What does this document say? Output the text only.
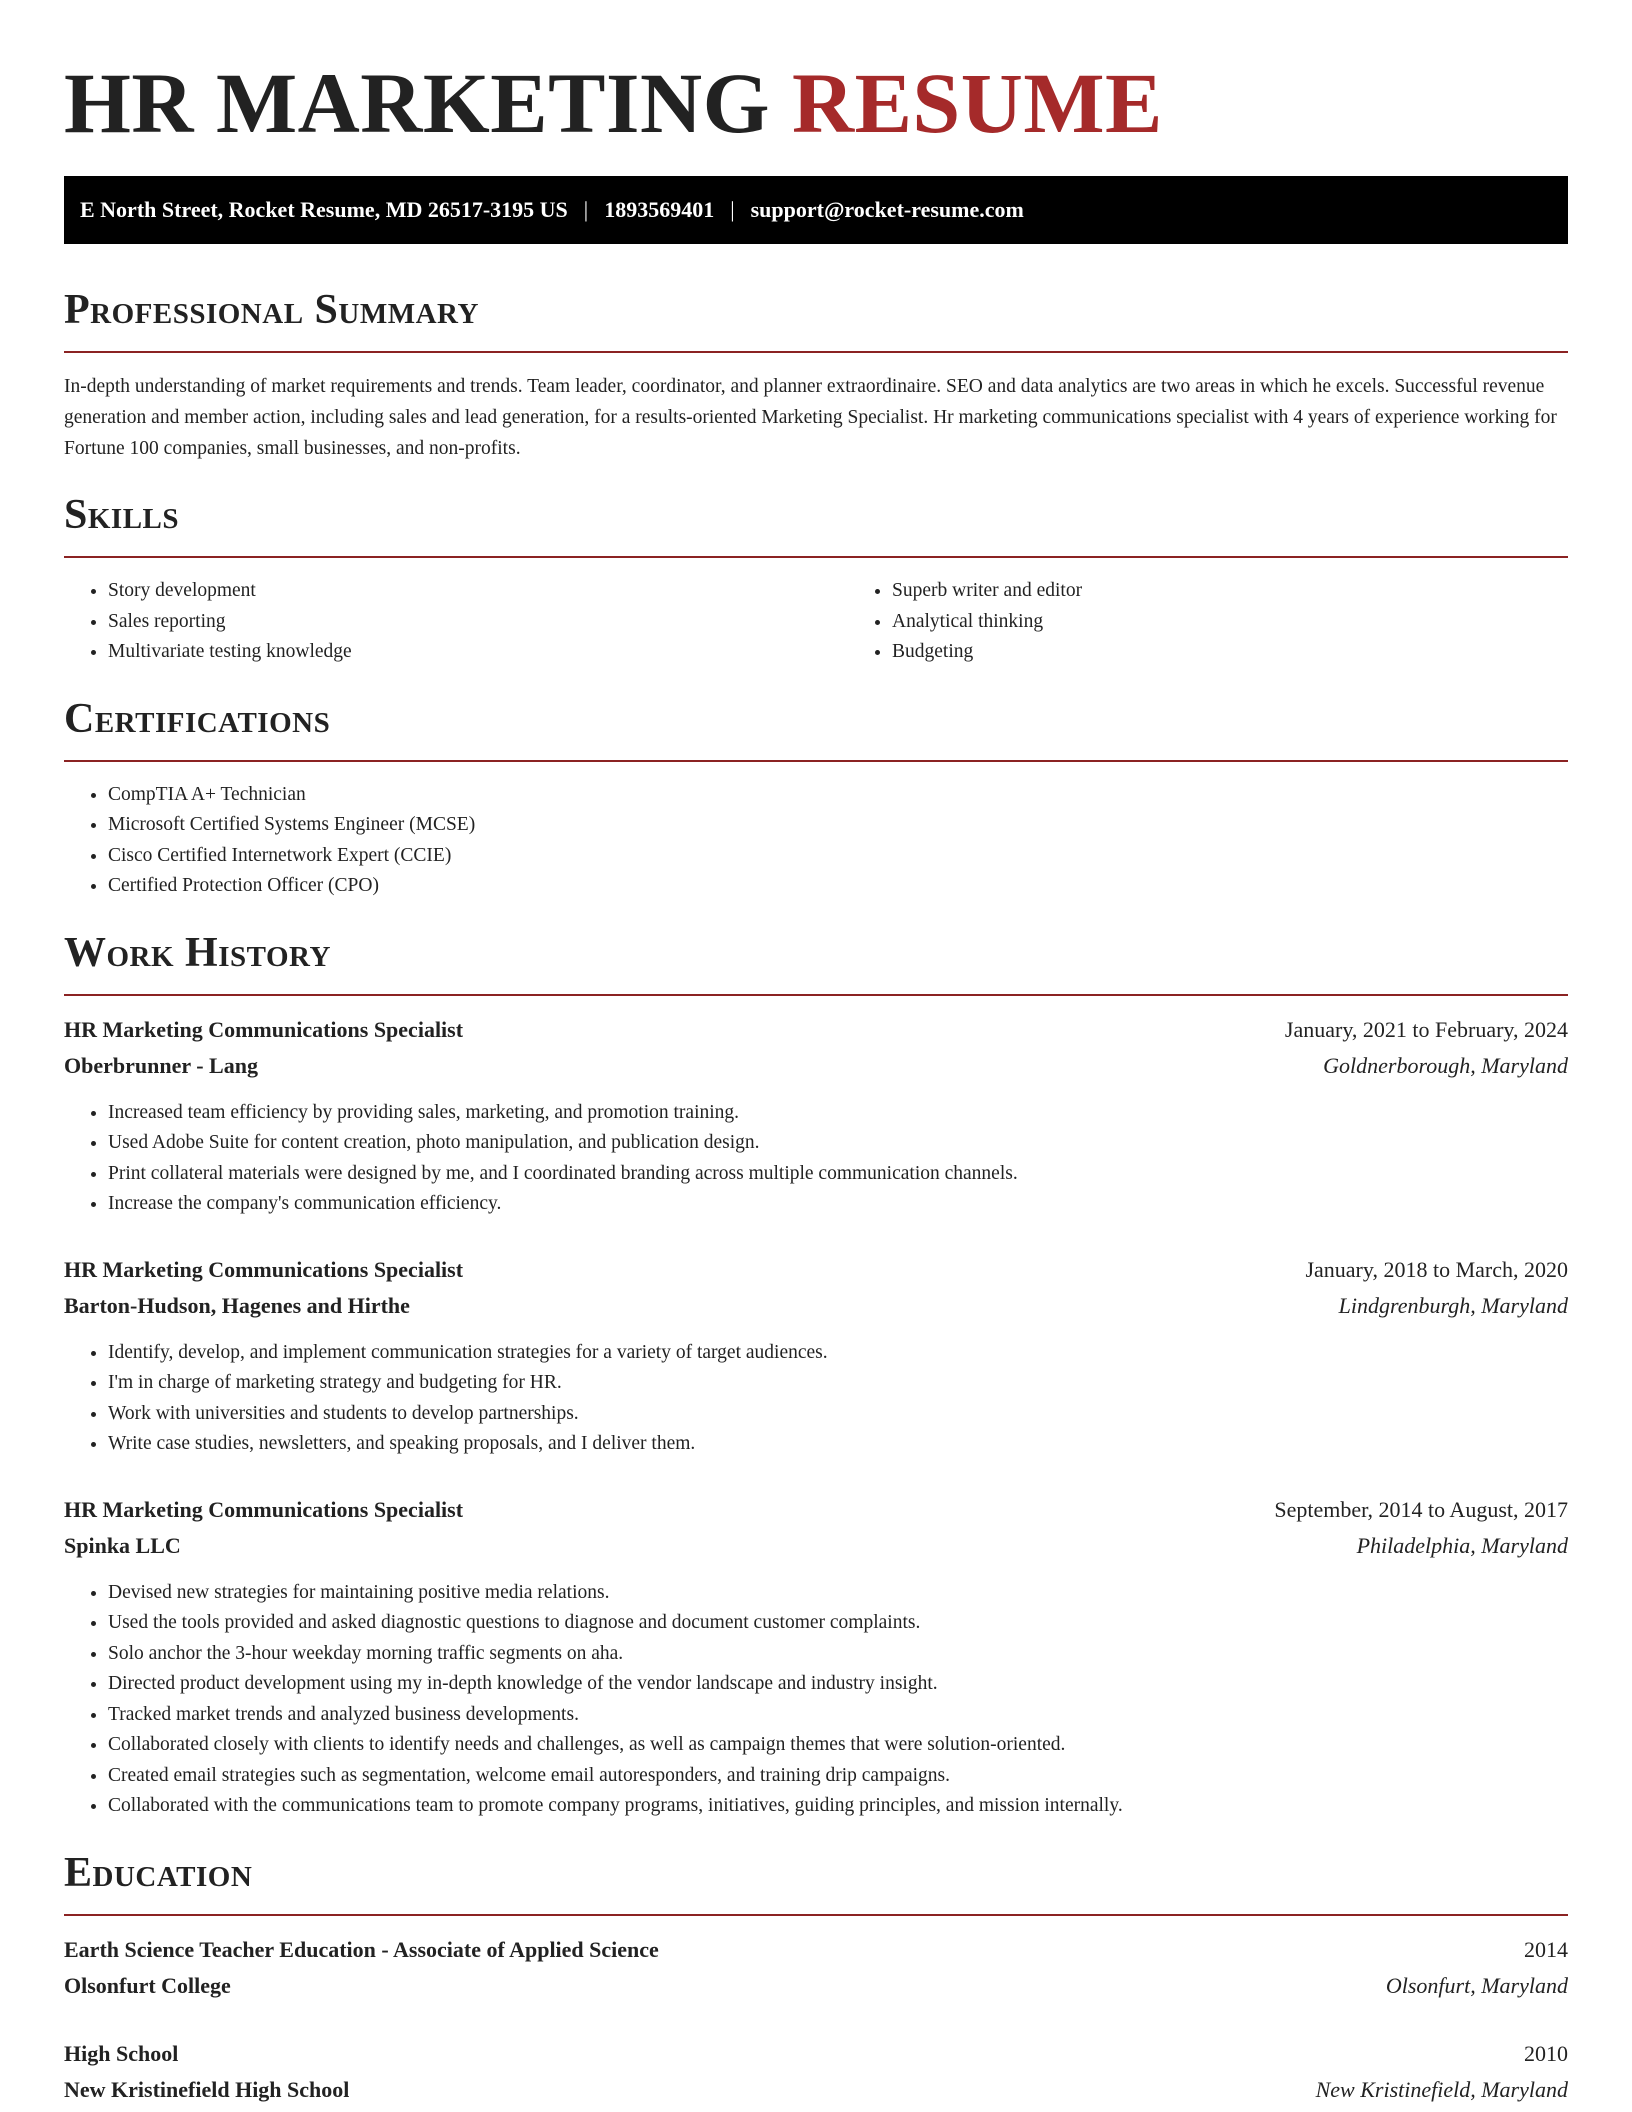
HR MARKETING RESUME
E North Street, Rocket Resume, MD 26517-3195 US | 1893569401 | support@rocket-resume.com
Professional Summary

In-depth understanding of market requirements and trends. Team leader, coordinator, and planner extraordinaire. SEO and data analytics are two areas in which he excels. Successful revenue generation and member action, including sales and lead generation, for a results-oriented Marketing Specialist. Hr marketing communications specialist with 4 years of experience working for Fortune 100 companies, small businesses, and non-profits.

Skills
• Story development
• Sales reporting
• Multivariate testing knowledge
• Superb writer and editor
• Analytical thinking
• Budgeting
Certifications
• CompTIA A+ Technician
• Microsoft Certified Systems Engineer (MCSE)
• Cisco Certified Internetwork Expert (CCIE)
• Certified Protection Officer (CPO)
Work History
HR Marketing Communications Specialist	January, 2021 to February, 2024
Oberbrunner - Lang	Goldnerborough, Maryland
• Increased team efficiency by providing sales, marketing, and promotion training.
• Used Adobe Suite for content creation, photo manipulation, and publication design.
• Print collateral materials were designed by me, and I coordinated branding across multiple communication channels.
• Increase the company's communication efficiency.
HR Marketing Communications Specialist	January, 2018 to March, 2020
Barton-Hudson, Hagenes and Hirthe	Lindgrenburgh, Maryland
• Identify, develop, and implement communication strategies for a variety of target audiences.
• I'm in charge of marketing strategy and budgeting for HR.
• Work with universities and students to develop partnerships.
• Write case studies, newsletters, and speaking proposals, and I deliver them.
HR Marketing Communications Specialist	September, 2014 to August, 2017
Spinka LLC	Philadelphia, Maryland
• Devised new strategies for maintaining positive media relations.
• Used the tools provided and asked diagnostic questions to diagnose and document customer complaints.
• Solo anchor the 3-hour weekday morning traffic segments on aha.
• Directed product development using my in-depth knowledge of the vendor landscape and industry insight.
• Tracked market trends and analyzed business developments.
• Collaborated closely with clients to identify needs and challenges, as well as campaign themes that were solution-oriented.
• Created email strategies such as segmentation, welcome email autoresponders, and training drip campaigns.
• Collaborated with the communications team to promote company programs, initiatives, guiding principles, and mission internally.
Education
Earth Science Teacher Education - Associate of Applied Science	2014
Olsonfurt College	Olsonfurt, Maryland
High School	2010
New Kristinefield High School	New Kristinefield, Maryland
